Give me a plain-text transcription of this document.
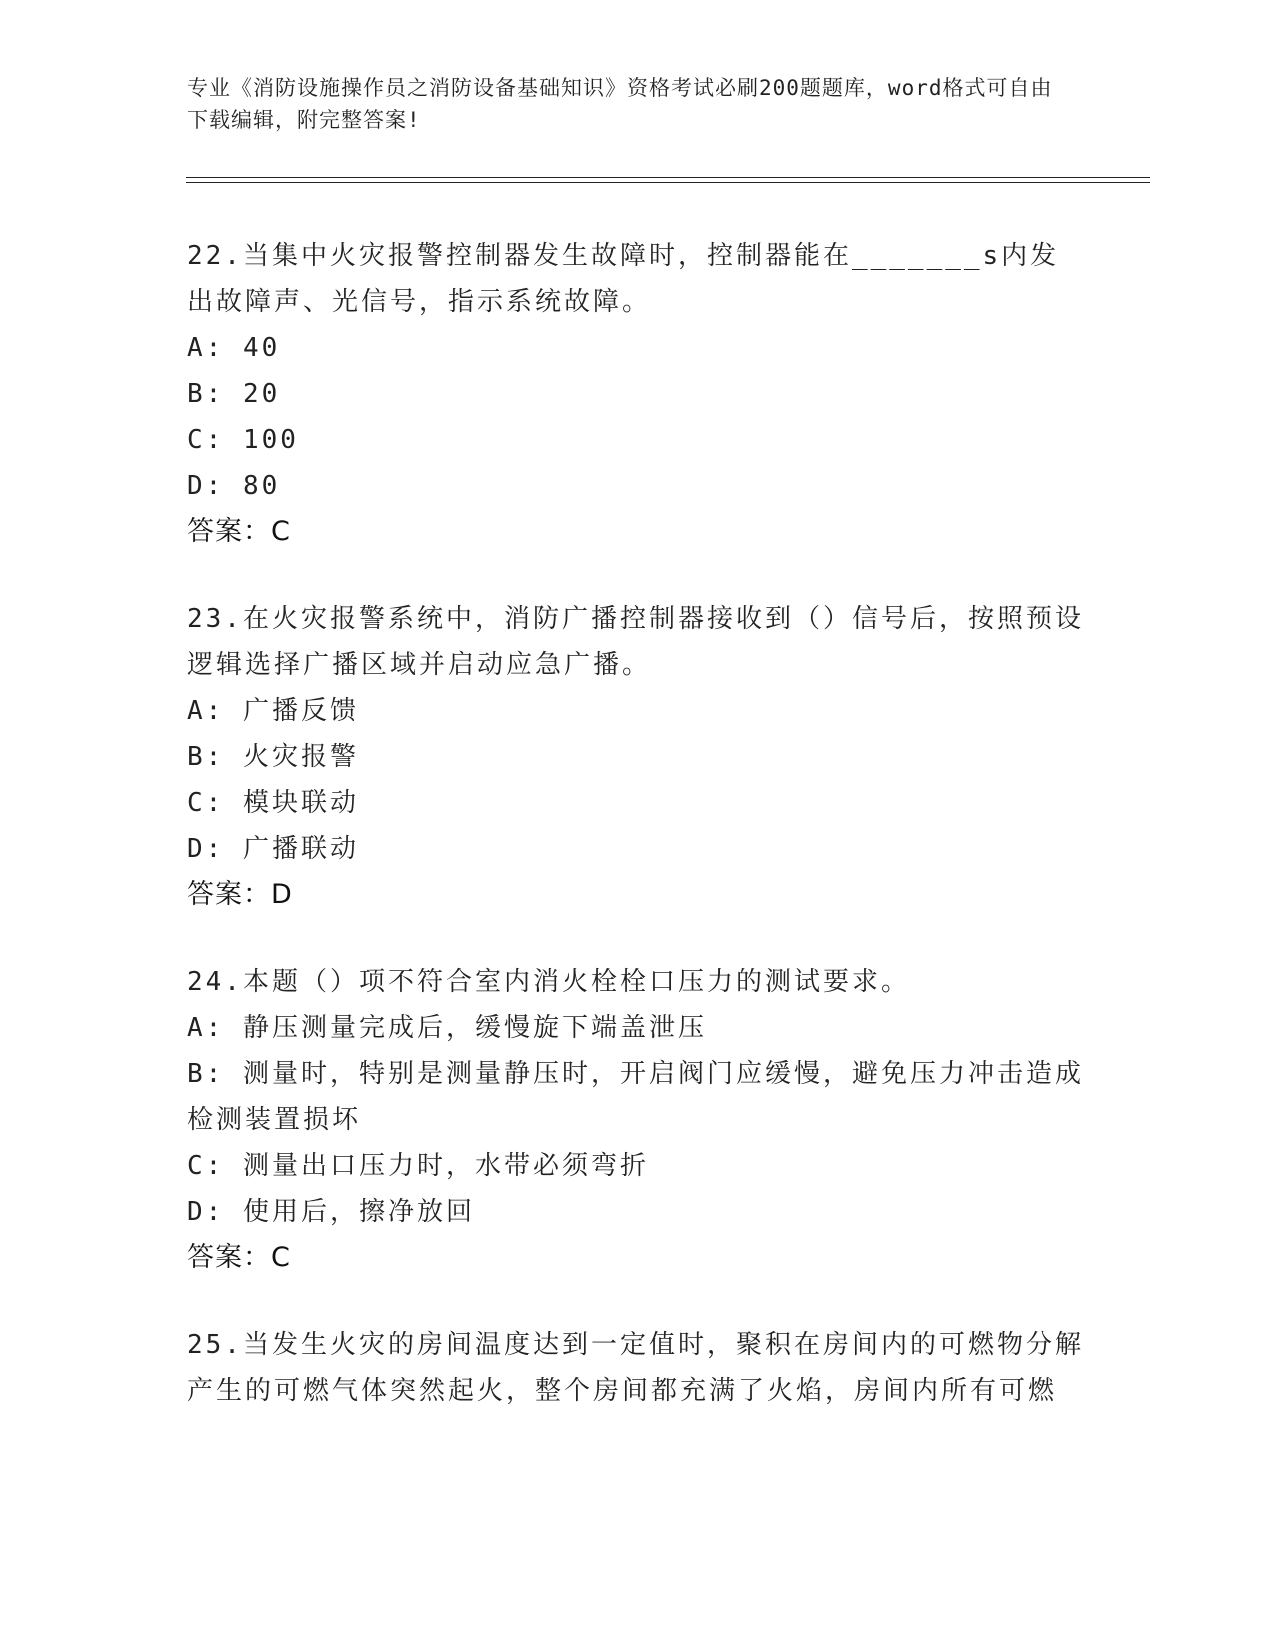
专业《消防设施操作员之消防设备基础知识》资格考试必刷200题题库，word格式可自由下载编辑，附完整答案!

22.当集中火灾报警控制器发生故障时，控制器能在_______s内发出故障声、光信号，指示系统故障。

A: 40

B: 20

C: 100

D: 80

答案：C

23.在火灾报警系统中，消防广播控制器接收到（）信号后，按照预设逻辑选择广播区域并启动应急广播。

A: 广播反馈

B: 火灾报警

C: 模块联动

D: 广播联动

答案：D

24.本题（）项不符合室内消火栓栓口压力的测试要求。

A: 静压测量完成后，缓慢旋下端盖泄压

B: 测量时，特别是测量静压时，开启阀门应缓慢，避免压力冲击造成检测装置损坏

C: 测量出口压力时，水带必须弯折

D: 使用后，擦净放回

答案：C

25.当发生火灾的房间温度达到一定值时，聚积在房间内的可燃物分解产生的可燃气体突然起火，整个房间都充满了火焰，房间内所有可燃
